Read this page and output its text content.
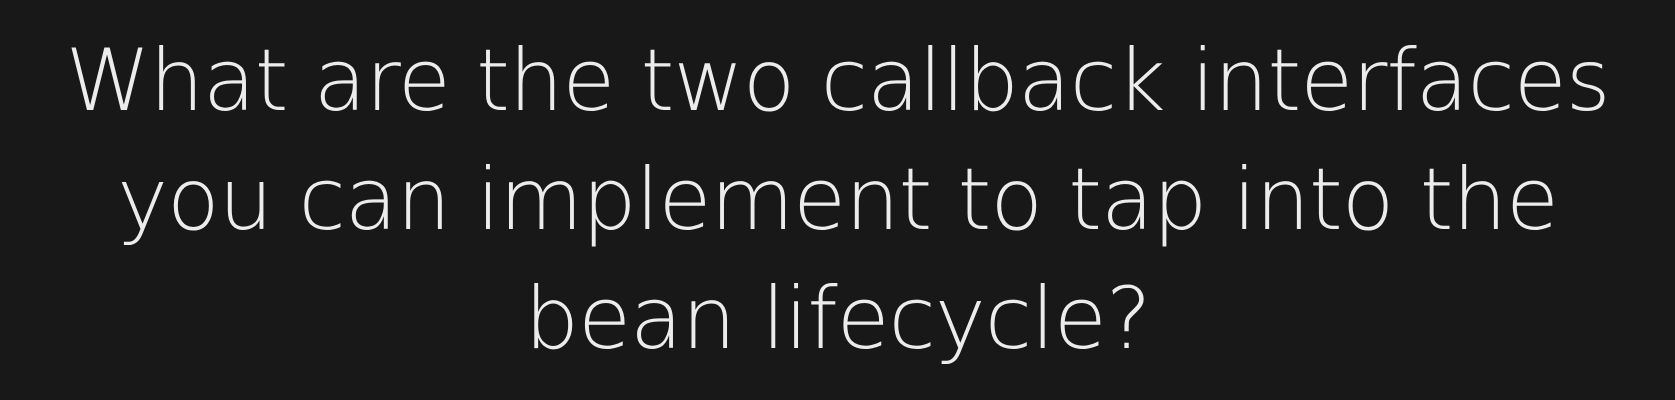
What are the two callback interfaces
you can implement to tap into the
bean lifecycle?
